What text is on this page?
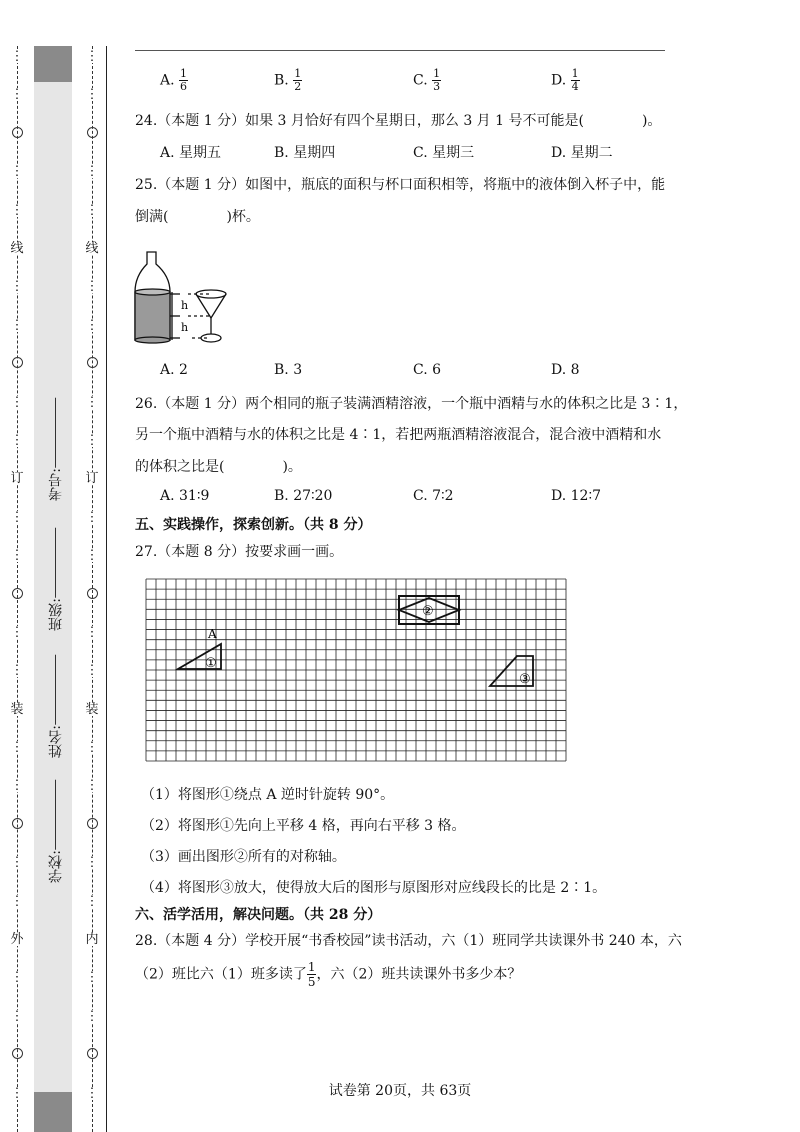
⋮
⋮
⋮
⋮
线
⋮
⋮
⋮
⋮
订
⋮
⋮
⋮
⋮
装
⋮
⋮
⋮
⋮
外
⋮
⋮
⋮
学校:
姓名:
班级:
考号:
⋮
⋮
⋮
⋮
线
⋮
⋮
⋮
⋮
订
⋮
⋮
⋮
⋮
装
⋮
⋮
⋮
⋮
内
⋮
⋮
⋮
A. $\frac{1}{6}$	B. $\frac{1}{2}$	C. $\frac{1}{3}$	D. $\frac{1}{4}$
24.（本题 1 分）如果 3 月恰好有四个星期日，那么 3 月 1 号不可能是(	)。
A. 星期五	B. 星期四	C. 星期三	D. 星期二
25.（本题 1 分）如图中，瓶底的面积与杯口面积相等，将瓶中的液体倒入杯子中，能
倒满(	)杯。
h
h
A. 2	B. 3	C. 6	D. 8
26.（本题 1 分）两个相同的瓶子装满酒精溶液，一个瓶中酒精与水的体积之比是 3∶1，
另一个瓶中酒精与水的体积之比是 4∶1，若把两瓶酒精溶液混合，混合液中酒精和水
的体积之比是(	)。
A. 31∶9	B. 27∶20	C. 7∶2	D. 12∶7
五、实践操作，探索创新。（共 8 分）
27.（本题 8 分）按要求画一画。
A
①
②
③
（1）将图形①绕点 A 逆时针旋转 90°。
（2）将图形①先向上平移 4 格，再向右平移 3 格。
（3）画出图形②所有的对称轴。
（4）将图形③放大，使得放大后的图形与原图形对应线段长的比是 2∶1。
六、活学活用，解决问题。（共 28 分）
28.（本题 4 分）学校开展“书香校园”读书活动，六（1）班同学共读课外书 240 本，六
（2）班比六（1）班多读了 $\frac{1}{5}$ ，六（2）班共读课外书多少本？
试卷第 20页，共 63页
